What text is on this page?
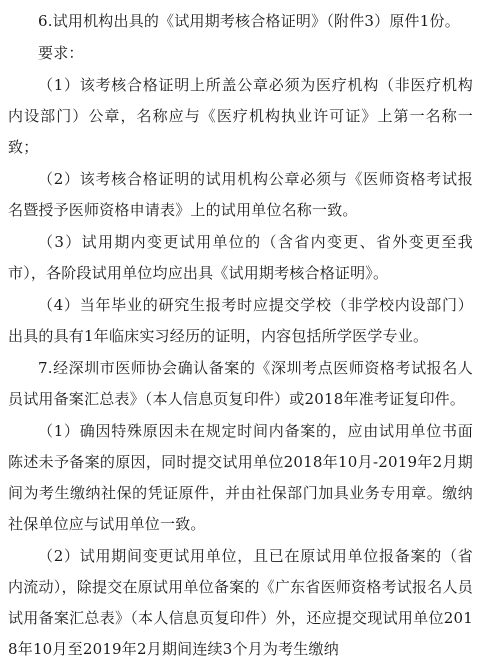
6.试用机构出具的《试用期考核合格证明》（附件3）原件1份。

要求：

（1）该考核合格证明上所盖公章必须为医疗机构（非医疗机构内设部门）公章，名称应与《医疗机构执业许可证》上第一名称一致；

（2）该考核合格证明的试用机构公章必须与《医师资格考试报名暨授予医师资格申请表》上的试用单位名称一致。

（3）试用期内变更试用单位的（含省内变更、省外变更至我市），各阶段试用单位均应出具《试用期考核合格证明》。

（4）当年毕业的研究生报考时应提交学校（非学校内设部门）出具的具有1年临床实习经历的证明，内容包括所学医学专业。

7.经深圳市医师协会确认备案的《深圳考点医师资格考试报名人员试用备案汇总表》（本人信息页复印件）或2018年准考证复印件。

（1）确因特殊原因未在规定时间内备案的，应由试用单位书面陈述未予备案的原因，同时提交试用单位2018年10月-2019年2月期间为考生缴纳社保的凭证原件，并由社保部门加具业务专用章。缴纳社保单位应与试用单位一致。

（2）试用期间变更试用单位，且已在原试用单位报备案的（省内流动），除提交在原试用单位备案的《广东省医师资格考试报名人员试用备案汇总表》（本人信息页复印件）外，还应提交现试用单位2018年10月至2019年2月期间连续3个月为考生缴纳
